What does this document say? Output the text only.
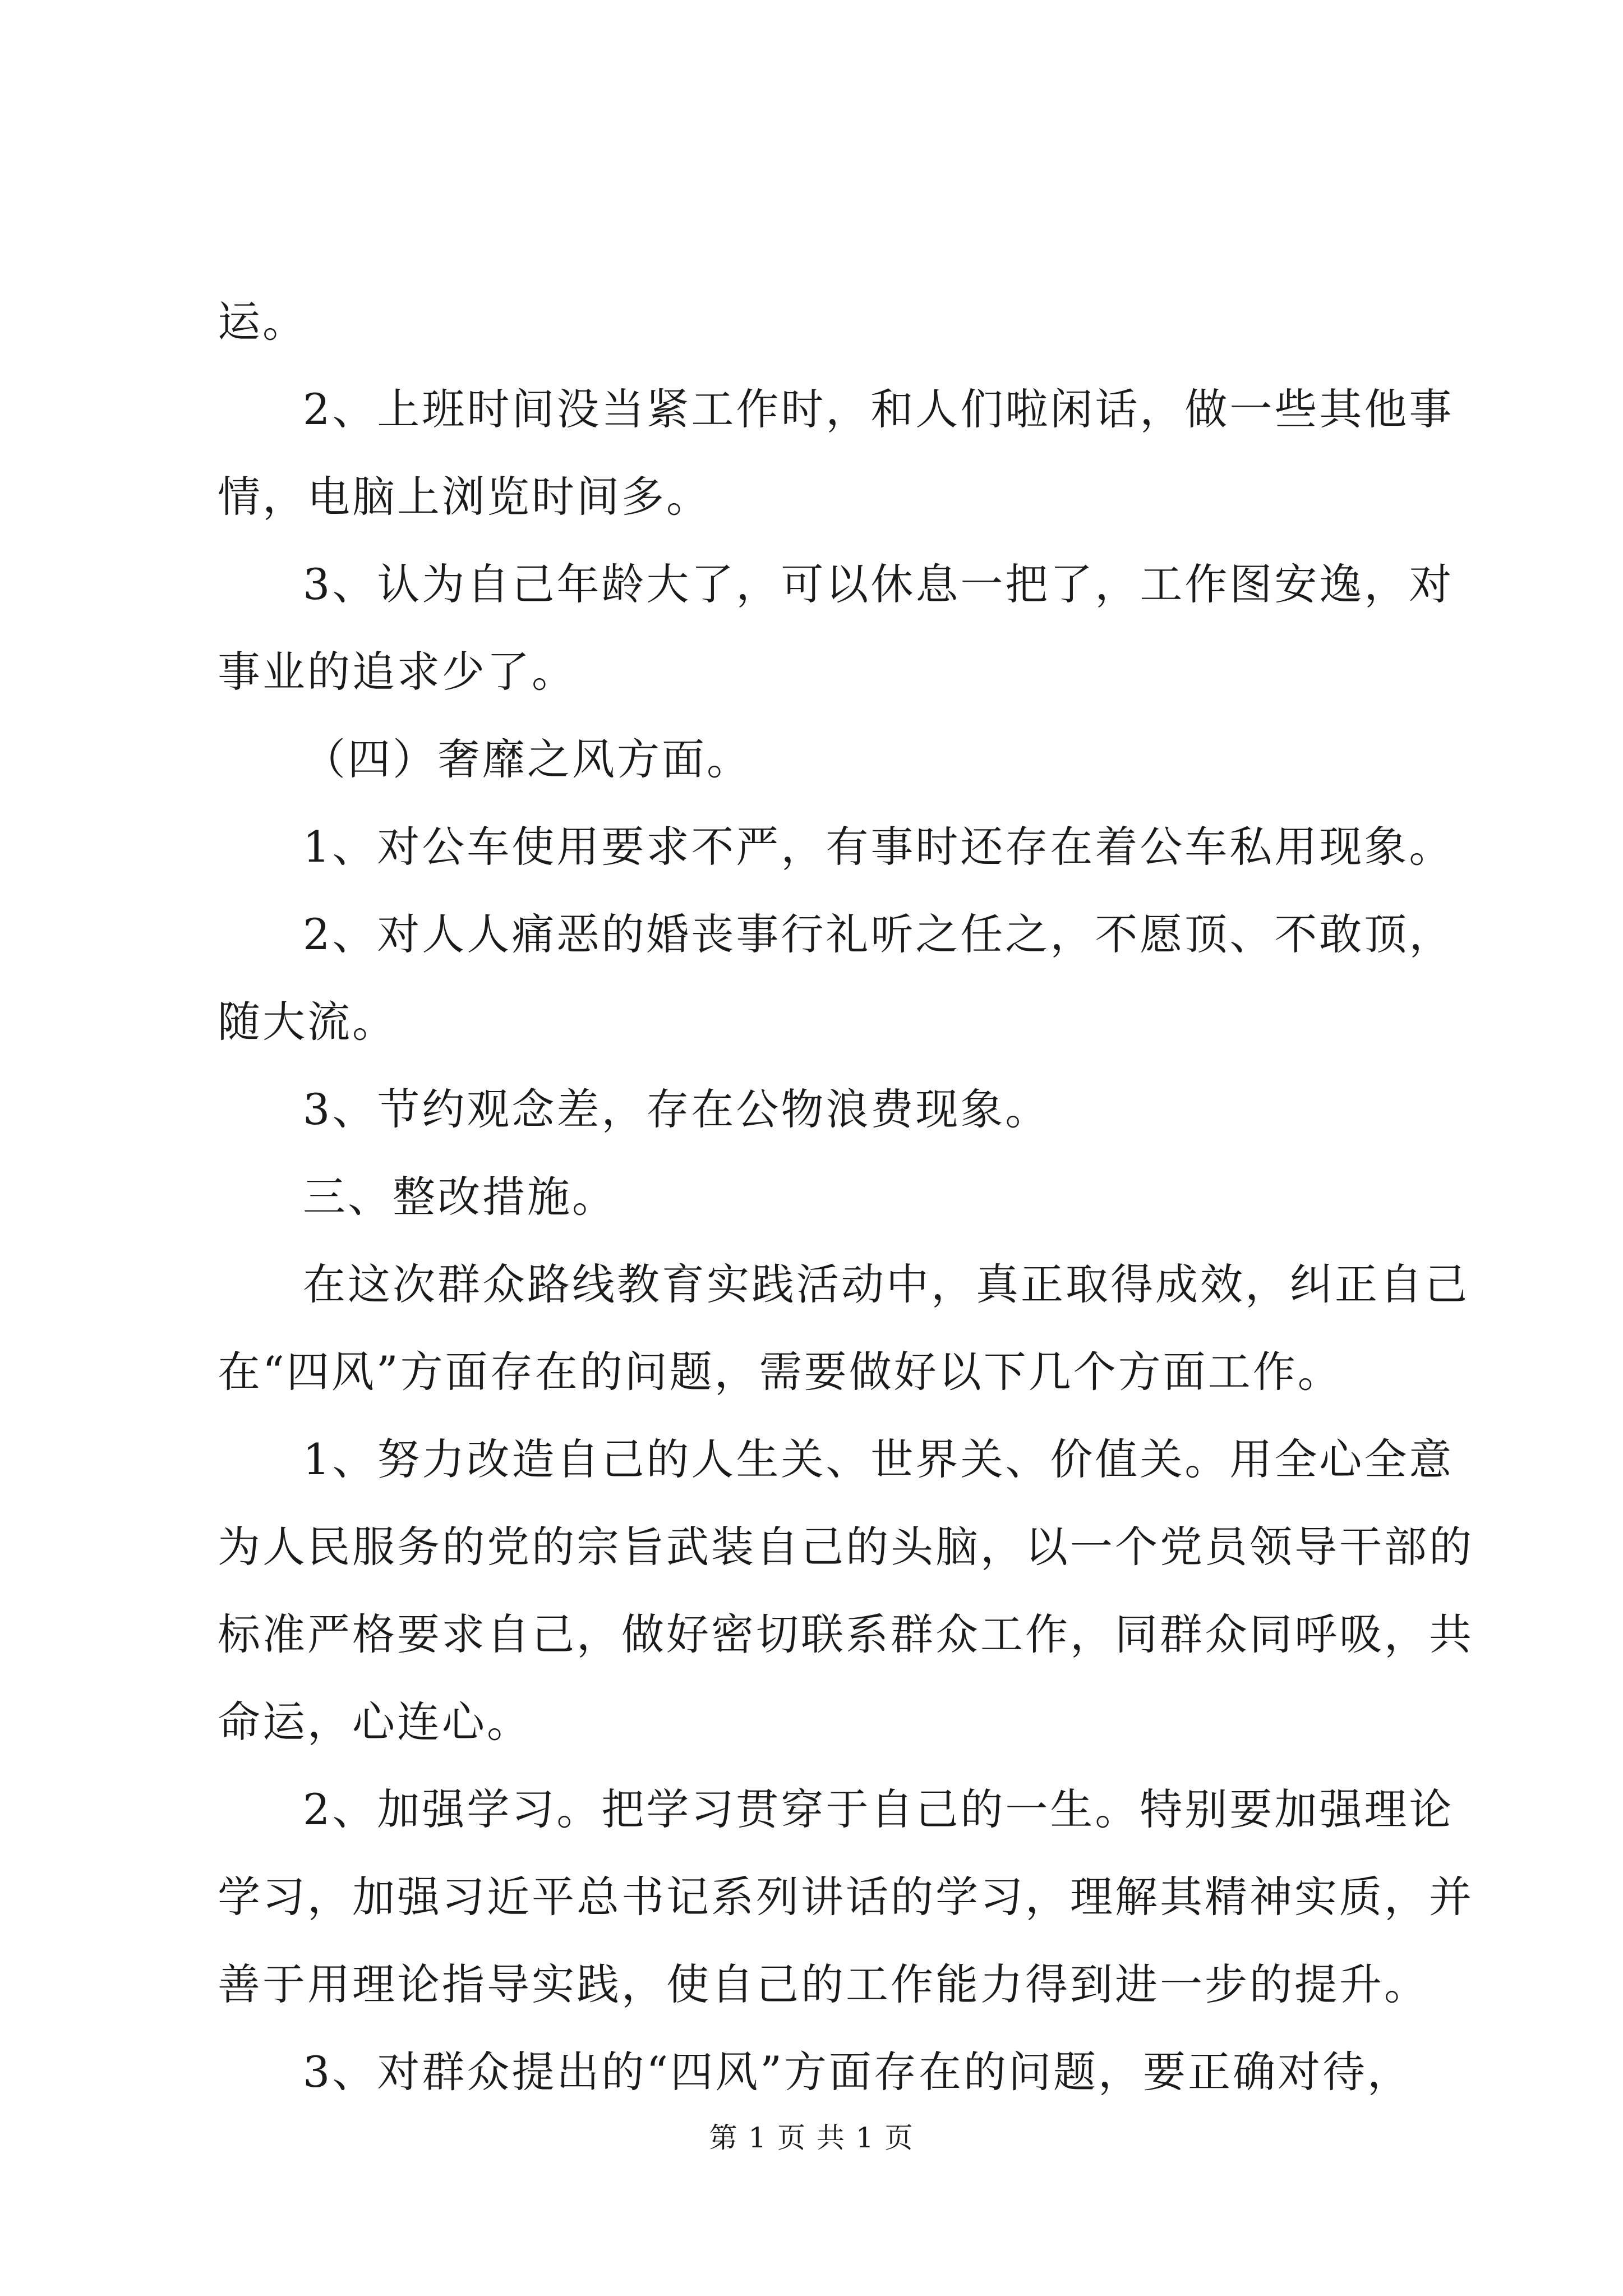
运。
2、上班时间没当紧工作时，和人们啦闲话，做一些其他事
情，电脑上浏览时间多。
3、认为自己年龄大了，可以休息一把了，工作图安逸，对
事业的追求少了。
（四）奢靡之风方面。
1、对公车使用要求不严，有事时还存在着公车私用现象。
2、对人人痛恶的婚丧事行礼听之任之，不愿顶、不敢顶，
随大流。
3、节约观念差，存在公物浪费现象。
三、整改措施。
在这次群众路线教育实践活动中，真正取得成效，纠正自己
在“四风”方面存在的问题，需要做好以下几个方面工作。
1、努力改造自己的人生关、世界关、价值关。用全心全意
为人民服务的党的宗旨武装自己的头脑，以一个党员领导干部的
标准严格要求自己，做好密切联系群众工作，同群众同呼吸，共
命运，心连心。
2、加强学习。把学习贯穿于自己的一生。特别要加强理论
学习，加强习近平总书记系列讲话的学习，理解其精神实质，并
善于用理论指导实践，使自己的工作能力得到进一步的提升。
3、对群众提出的“四风”方面存在的问题，要正确对待，
第 1 页 共 1 页
